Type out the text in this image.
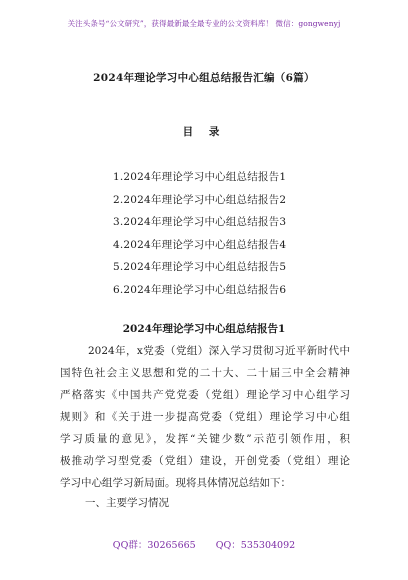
关注头条号“公文研究”，获得最新最全最专业的公文资料库！ 微信：gongwenyj
2024年理论学习中心组总结报告汇编（6篇）
目 录
1.2024年理论学习中心组总结报告1
2.2024年理论学习中心组总结报告2
3.2024年理论学习中心组总结报告3
4.2024年理论学习中心组总结报告4
5.2024年理论学习中心组总结报告5
6.2024年理论学习中心组总结报告6
2024年理论学习中心组总结报告1
2024年，x党委（党组）深入学习贯彻习近平新时代中
国特色社会主义思想和党的二十大、二十届三中全会精神
严格落实《中国共产党党委（党组）理论学习中心组学习
规则》和《关于进一步提高党委（党组）理论学习中心组
学习质量的意见》，发挥“关键少数”示范引领作用，积
极推动学习型党委（党组）建设，开创党委（党组）理论
学习中心组学习新局面。现将具体情况总结如下：
一、主要学习情况
QQ群：30265665 QQ：535304092
